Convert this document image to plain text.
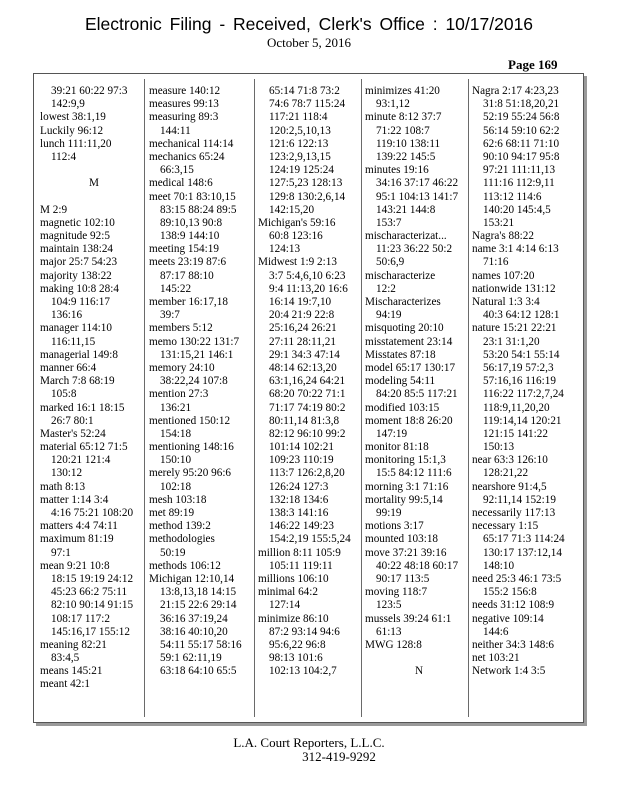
Electronic Filing - Received, Clerk's Office : 10/17/2016
October 5, 2016
Page 169
39:21 60:22 97:3
142:9,9
lowest 38:1,19
Luckily 96:12
lunch 111:11,20
112:4

M

M 2:9
magnetic 102:10
magnitude 92:5
maintain 138:24
major 25:7 54:23
majority 138:22
making 10:8 28:4
104:9 116:17
136:16
manager 114:10
116:11,15
managerial 149:8
manner 66:4
March 7:8 68:19
105:8
marked 16:1 18:15
26:7 80:1
Master's 52:24
material 65:12 71:5
120:21 121:4
130:12
math 8:13
matter 1:14 3:4
4:16 75:21 108:20
matters 4:4 74:11
maximum 81:19
97:1
mean 9:21 10:8
18:15 19:19 24:12
45:23 66:2 75:11
82:10 90:14 91:15
108:17 117:2
145:16,17 155:12
meaning 82:21
83:4,5
means 145:21
meant 42:1
measure 140:12
measures 99:13
measuring 89:3
144:11
mechanical 114:14
mechanics 65:24
66:3,15
medical 148:6
meet 70:1 83:10,15
83:15 88:24 89:5
89:10,13 90:8
138:9 144:10
meeting 154:19
meets 23:19 87:6
87:17 88:10
145:22
member 16:17,18
39:7
members 5:12
memo 130:22 131:7
131:15,21 146:1
memory 24:10
38:22,24 107:8
mention 27:3
136:21
mentioned 150:12
154:18
mentioning 148:16
150:10
merely 95:20 96:6
102:18
mesh 103:18
met 89:19
method 139:2
methodologies
50:19
methods 106:12
Michigan 12:10,14
13:8,13,18 14:15
21:15 22:6 29:14
36:16 37:19,24
38:16 40:10,20
54:11 55:17 58:16
59:1 62:11,19
63:18 64:10 65:5
65:14 71:8 73:2
74:6 78:7 115:24
117:21 118:4
120:2,5,10,13
121:6 122:13
123:2,9,13,15
124:19 125:24
127:5,23 128:13
129:8 130:2,6,14
142:15,20
Michigan's 59:16
60:8 123:16
124:13
Midwest 1:9 2:13
3:7 5:4,6,10 6:23
9:4 11:13,20 16:6
16:14 19:7,10
20:4 21:9 22:8
25:16,24 26:21
27:11 28:11,21
29:1 34:3 47:14
48:14 62:13,20
63:1,16,24 64:21
68:20 70:22 71:1
71:17 74:19 80:2
80:11,14 81:3,8
82:12 96:10 99:2
101:14 102:21
109:23 110:19
113:7 126:2,8,20
126:24 127:3
132:18 134:6
138:3 141:16
146:22 149:23
154:2,19 155:5,24
million 8:11 105:9
105:11 119:11
millions 106:10
minimal 64:2
127:14
minimize 86:10
87:2 93:14 94:6
95:6,22 96:8
98:13 101:6
102:13 104:2,7
minimizes 41:20
93:1,12
minute 8:12 37:7
71:22 108:7
119:10 138:11
139:22 145:5
minutes 19:16
34:16 37:17 46:22
95:1 104:13 141:7
143:21 144:8
153:7
mischaracterizat...
11:23 36:22 50:2
50:6,9
mischaracterize
12:2
Mischaracterizes
94:19
misquoting 20:10
misstatement 23:14
Misstates 87:18
model 65:17 130:17
modeling 54:11
84:20 85:5 117:21
modified 103:15
moment 18:8 26:20
147:19
monitor 81:18
monitoring 15:1,3
15:5 84:12 111:6
morning 3:1 71:16
mortality 99:5,14
99:19
motions 3:17
mounted 103:18
move 37:21 39:16
40:22 48:18 60:17
90:17 113:5
moving 118:7
123:5
mussels 39:24 61:1
61:13
MWG 128:8

N
Nagra 2:17 4:23,23
31:8 51:18,20,21
52:19 55:24 56:8
56:14 59:10 62:2
62:6 68:11 71:10
90:10 94:17 95:8
97:21 111:11,13
111:16 112:9,11
113:12 114:6
140:20 145:4,5
153:21
Nagra's 88:22
name 3:1 4:14 6:13
71:16
names 107:20
nationwide 131:12
Natural 1:3 3:4
40:3 64:12 128:1
nature 15:21 22:21
23:1 31:1,20
53:20 54:1 55:14
56:17,19 57:2,3
57:16,16 116:19
116:22 117:2,7,24
118:9,11,20,20
119:14,14 120:21
121:15 141:22
150:13
near 63:3 126:10
128:21,22
nearshore 91:4,5
92:11,14 152:19
necessarily 117:13
necessary 1:15
65:17 71:3 114:24
130:17 137:12,14
148:10
need 25:3 46:1 73:5
155:2 156:8
needs 31:12 108:9
negative 109:14
144:6
neither 34:3 148:6
net 103:21
Network 1:4 3:5
L.A. Court Reporters, L.L.C.
312-419-9292
